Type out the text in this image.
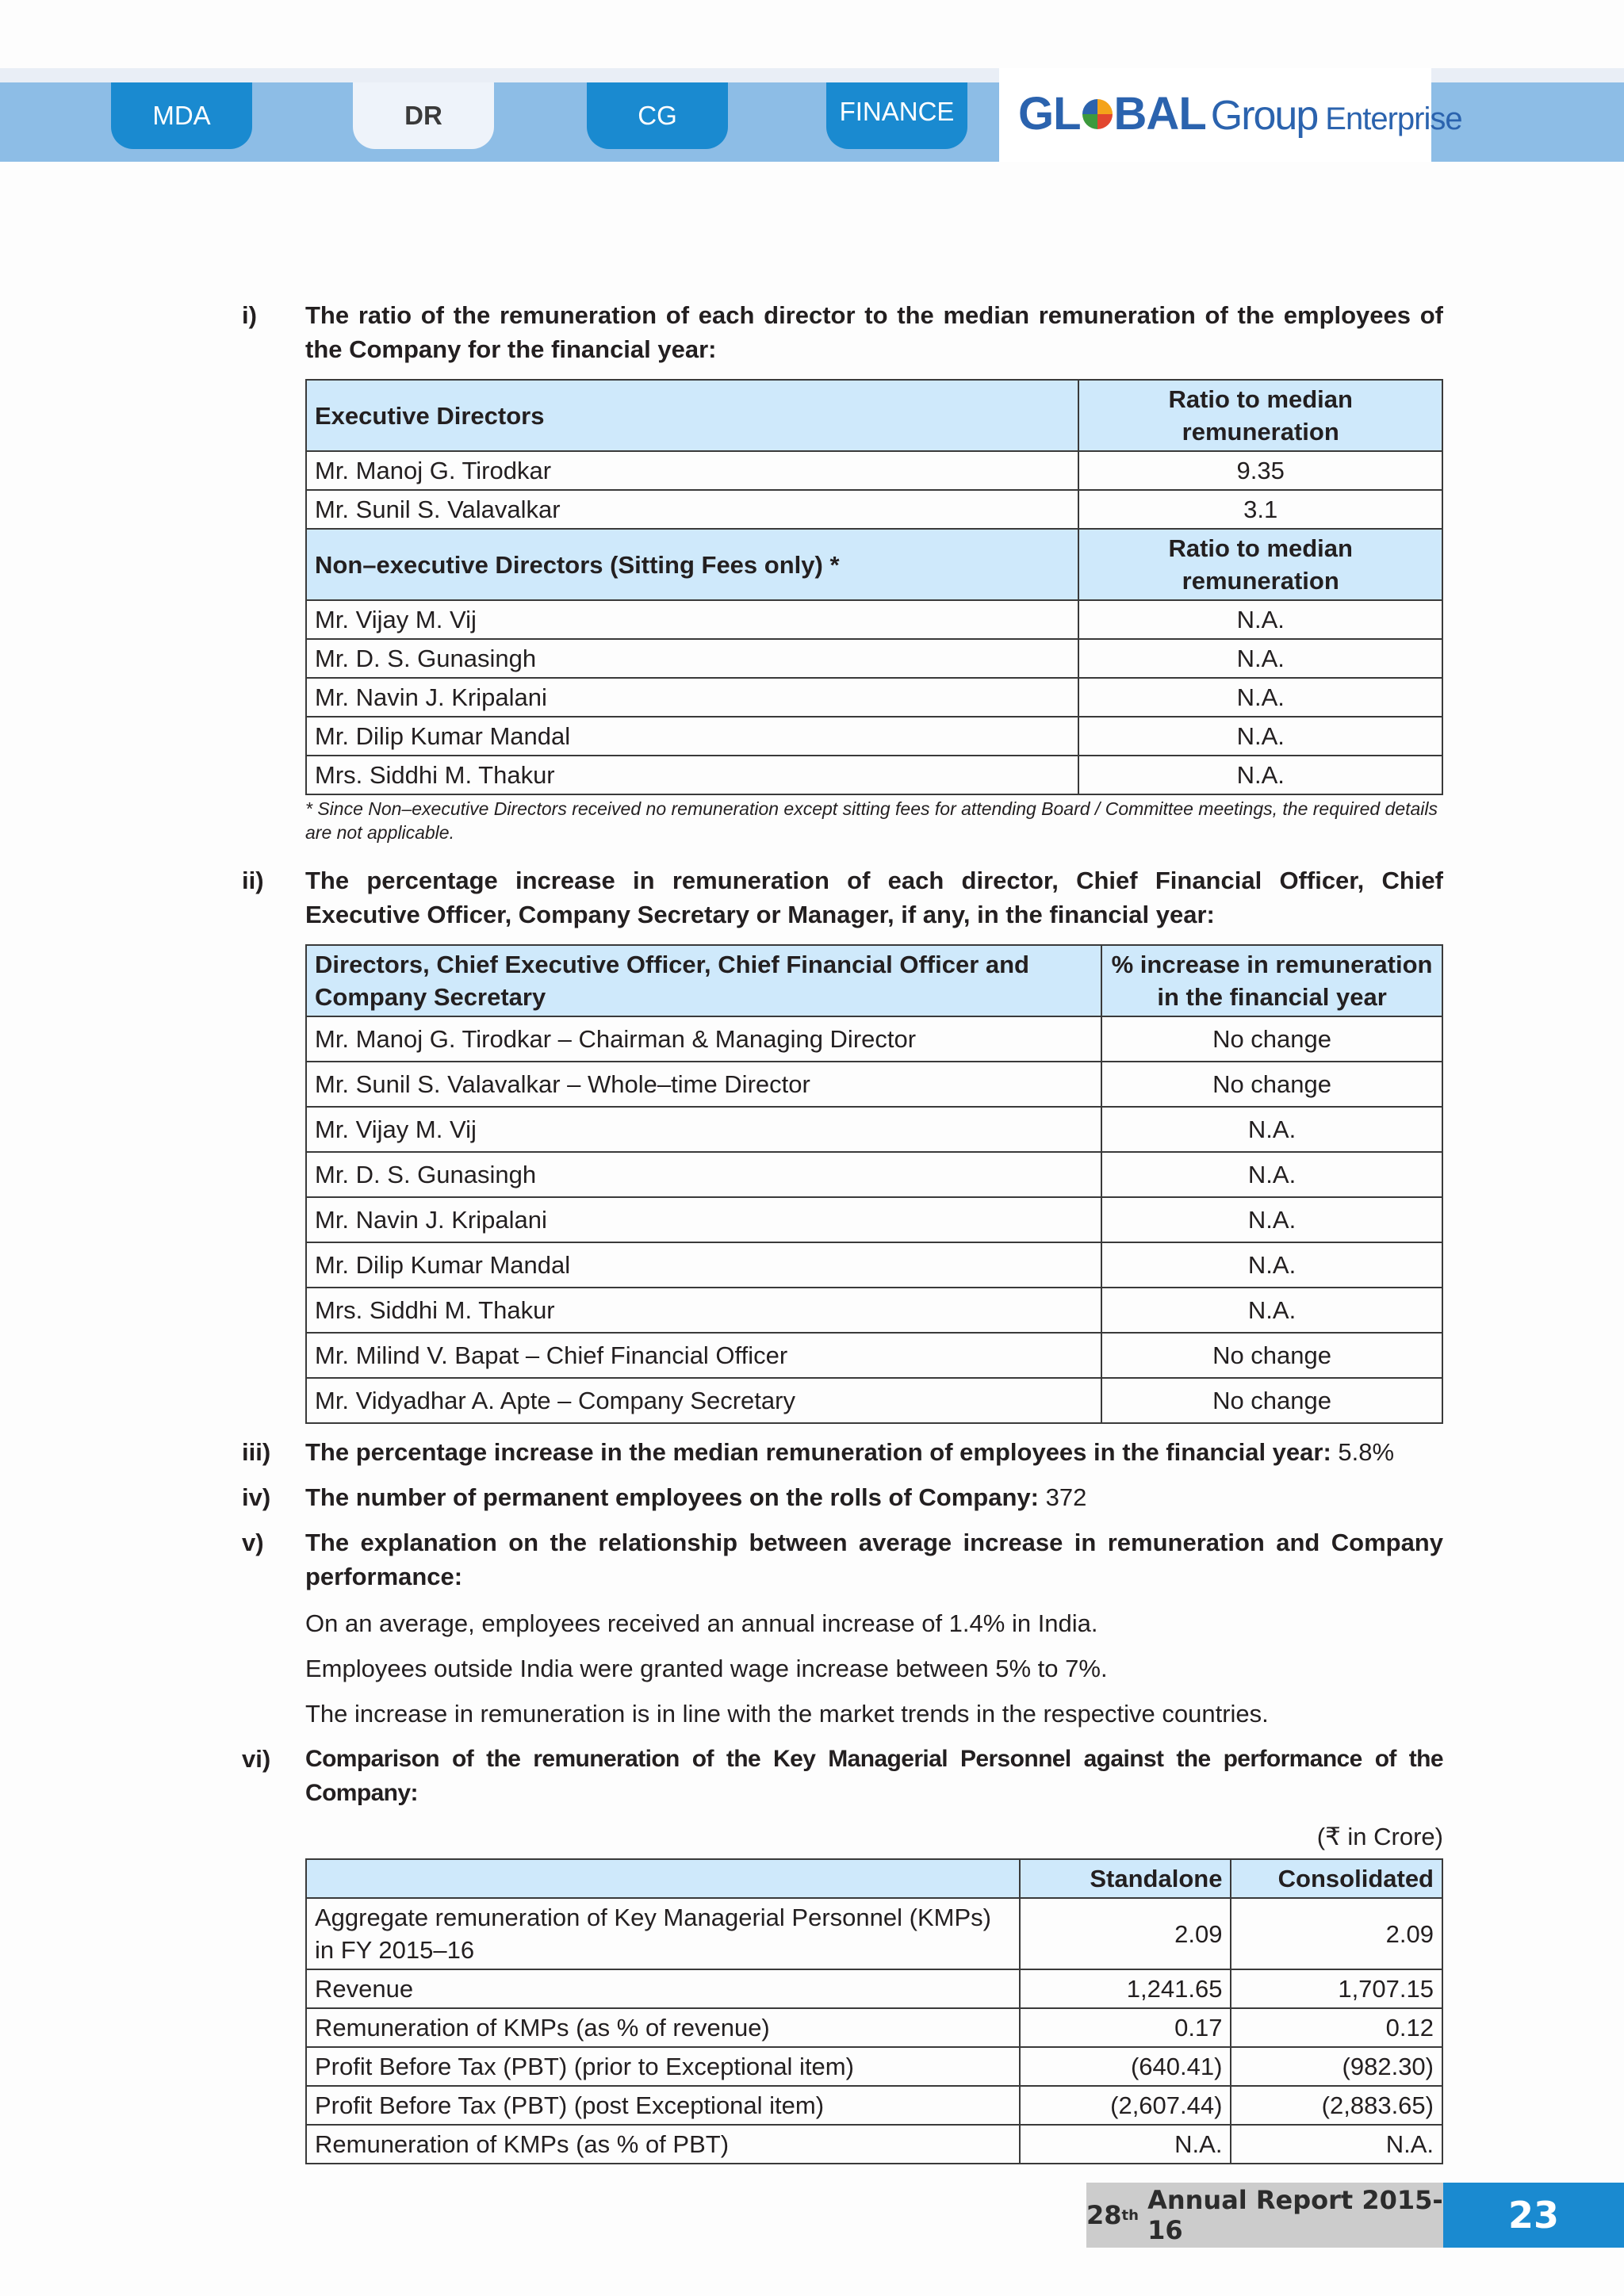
MDA	DR	CG	FINANCE GL BAL Group Enterprise
i)	The ratio of the remuneration of each director to the median remuneration of the employees of the Company for the financial year:
Executive Directors	Ratio to median remuneration
Mr. Manoj G. Tirodkar	9.35
Mr. Sunil S. Valavalkar	3.1
Non–executive Directors (Sitting Fees only) *	Ratio to median remuneration
Mr. Vijay M. Vij	N.A.
Mr. D. S. Gunasingh	N.A.
Mr. Navin J. Kripalani	N.A.
Mr. Dilip Kumar Mandal	N.A.
Mrs. Siddhi M. Thakur	N.A.
* Since Non–executive Directors received no remuneration except sitting fees for attending Board / Committee meetings, the required details are not applicable.
ii)	The percentage increase in remuneration of each director, Chief Financial Officer, Chief Executive Officer, Company Secretary or Manager, if any, in the financial year:
Directors, Chief Executive Officer, Chief Financial Officer and Company Secretary	% increase in remuneration in the financial year
Mr. Manoj G. Tirodkar – Chairman & Managing Director	No change
Mr. Sunil S. Valavalkar – Whole–time Director	No change
Mr. Vijay M. Vij	N.A.
Mr. D. S. Gunasingh	N.A.
Mr. Navin J. Kripalani	N.A.
Mr. Dilip Kumar Mandal	N.A.
Mrs. Siddhi M. Thakur	N.A.
Mr. Milind V. Bapat – Chief Financial Officer	No change
Mr. Vidyadhar A. Apte – Company Secretary	No change
iii)	The percentage increase in the median remuneration of employees in the financial year: 5.8%
iv)	The number of permanent employees on the rolls of Company: 372
v)	The explanation on the relationship between average increase in remuneration and Company performance:

On an average, employees received an annual increase of 1.4% in India.

Employees outside India were granted wage increase between 5% to 7%.

The increase in remuneration is in line with the market trends in the respective countries.

vi)	Comparison of the remuneration of the Key Managerial Personnel against the performance of the Company:
(₹ in Crore)
	Standalone	Consolidated
Aggregate remuneration of Key Managerial Personnel (KMPs) in FY 2015–16	2.09	2.09
Revenue	1,241.65	1,707.15
Remuneration of KMPs (as % of revenue)	0.17	0.12
Profit Before Tax (PBT) (prior to Exceptional item)	(640.41)	(982.30)
Profit Before Tax (PBT) (post Exceptional item)	(2,607.44)	(2,883.65)
Remuneration of KMPs (as % of PBT)	N.A.	N.A.
28 th
Annual Report 2015-16	23
